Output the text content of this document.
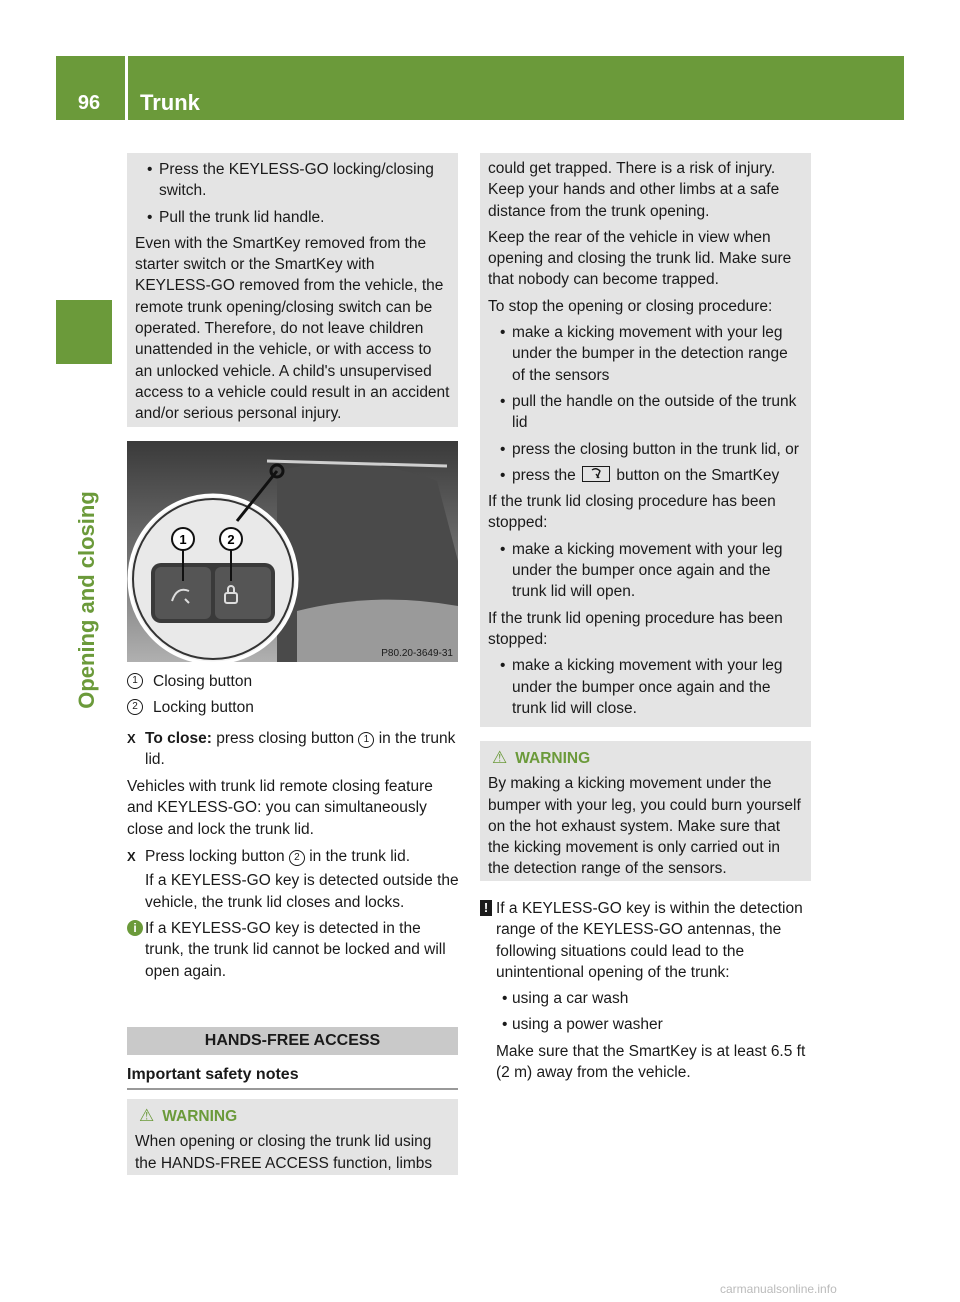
96	Trunk
Opening and closing

• Press the KEYLESS-GO locking/closing switch.

• Pull the trunk lid handle.

Even with the SmartKey removed from the starter switch or the SmartKey with KEYLESS-GO removed from the vehicle, the remote trunk opening/closing switch can be operated. Therefore, do not leave children unattended in the vehicle, or with access to an unlocked vehicle. A child's unsupervised access to a vehicle could result in an accident and/or serious personal injury.

1	2
P80.20-3649-31

1 Closing button

2 Locking button

X To close: press closing button 1 in the trunk lid.

Vehicles with trunk lid remote closing feature and KEYLESS-GO: you can simultaneously close and lock the trunk lid.

X Press locking button 2 in the trunk lid.

If a KEYLESS-GO key is detected outside the vehicle, the trunk lid closes and locks.

i If a KEYLESS-GO key is detected in the trunk, the trunk lid cannot be locked and will open again.

HANDS-FREE ACCESS
Important safety notes

⚠ WARNING

When opening or closing the trunk lid using the HANDS-FREE ACCESS function, limbs

could get trapped. There is a risk of injury. Keep your hands and other limbs at a safe distance from the trunk opening.

Keep the rear of the vehicle in view when opening and closing the trunk lid. Make sure that nobody can become trapped.

To stop the opening or closing procedure:

• make a kicking movement with your leg under the bumper in the detection range of the sensors

• pull the handle on the outside of the trunk lid

• press the closing button in the trunk lid, or

• press the	button on the SmartKey

If the trunk lid closing procedure has been stopped:

• make a kicking movement with your leg under the bumper once again and the trunk lid will open.

If the trunk lid opening procedure has been stopped:

• make a kicking movement with your leg under the bumper once again and the trunk lid will close.

⚠ WARNING

By making a kicking movement under the bumper with your leg, you could burn yourself on the hot exhaust system. Make sure that the kicking movement is only carried out in the detection range of the sensors.

! If a KEYLESS-GO key is within the detection range of the KEYLESS-GO antennas, the following situations could lead to the unintentional opening of the trunk:

• using a car wash

• using a power washer

Make sure that the SmartKey is at least 6.5 ft (2 m) away from the vehicle.

carmanualsonline.info
